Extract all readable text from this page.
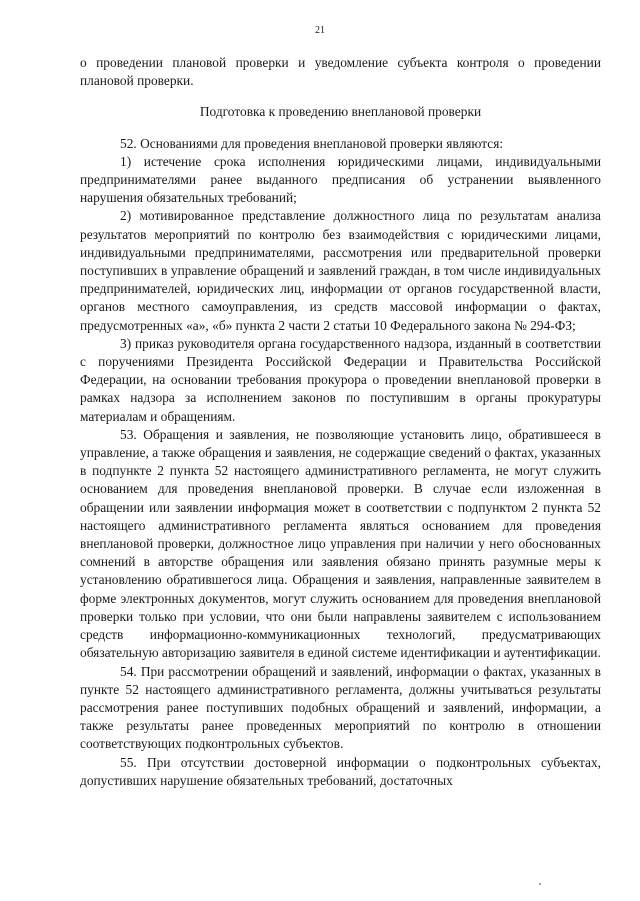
21

о проведении плановой проверки и уведомление субъекта контроля о проведении плановой проверки.

Подготовка к проведению внеплановой проверки

52. Основаниями для проведения внеплановой проверки являются:

1) истечение срока исполнения юридическими лицами, индивидуальными предпринимателями ранее выданного предписания об устранении выявленного нарушения обязательных требований;

2) мотивированное представление должностного лица по результатам анализа результатов мероприятий по контролю без взаимодействия с юридическими лицами, индивидуальными предпринимателями, рассмотрения или предварительной проверки поступивших в управление обращений и заявлений граждан, в том числе индивидуальных предпринимателей, юридических лиц, информации от органов государственной власти, органов местного самоуправления, из средств массовой информации о фактах, предусмотренных «а», «б» пункта 2 части 2 статьи 10 Федерального закона № 294-ФЗ;

3) приказ руководителя органа государственного надзора, изданный в соответствии с поручениями Президента Российской Федерации и Правительства Российской Федерации, на основании требования прокурора о проведении внеплановой проверки в рамках надзора за исполнением законов по поступившим в органы прокуратуры материалам и обращениям.

53. Обращения и заявления, не позволяющие установить лицо, обратившееся в управление, а также обращения и заявления, не содержащие сведений о фактах, указанных в подпункте 2 пункта 52 настоящего административного регламента, не могут служить основанием для проведения внеплановой проверки. В случае если изложенная в обращении или заявлении информация может в соответствии с подпунктом 2 пункта 52 настоящего административного регламента являться основанием для проведения внеплановой проверки, должностное лицо управления при наличии у него обоснованных сомнений в авторстве обращения или заявления обязано принять разумные меры к установлению обратившегося лица. Обращения и заявления, направленные заявителем в форме электронных документов, могут служить основанием для проведения внеплановой проверки только при условии, что они были направлены заявителем с использованием средств информационно-коммуникационных технологий, предусматривающих обязательную авторизацию заявителя в единой системе идентификации и аутентификации.

54. При рассмотрении обращений и заявлений, информации о фактах, указанных в пункте 52 настоящего административного регламента, должны учитываться результаты рассмотрения ранее поступивших подобных обращений и заявлений, информации, а также результаты ранее проведенных мероприятий по контролю в отношении соответствующих подконтрольных субъектов.

55. При отсутствии достоверной информации о подконтрольных субъектах, допустивших нарушение обязательных требований, достаточных
